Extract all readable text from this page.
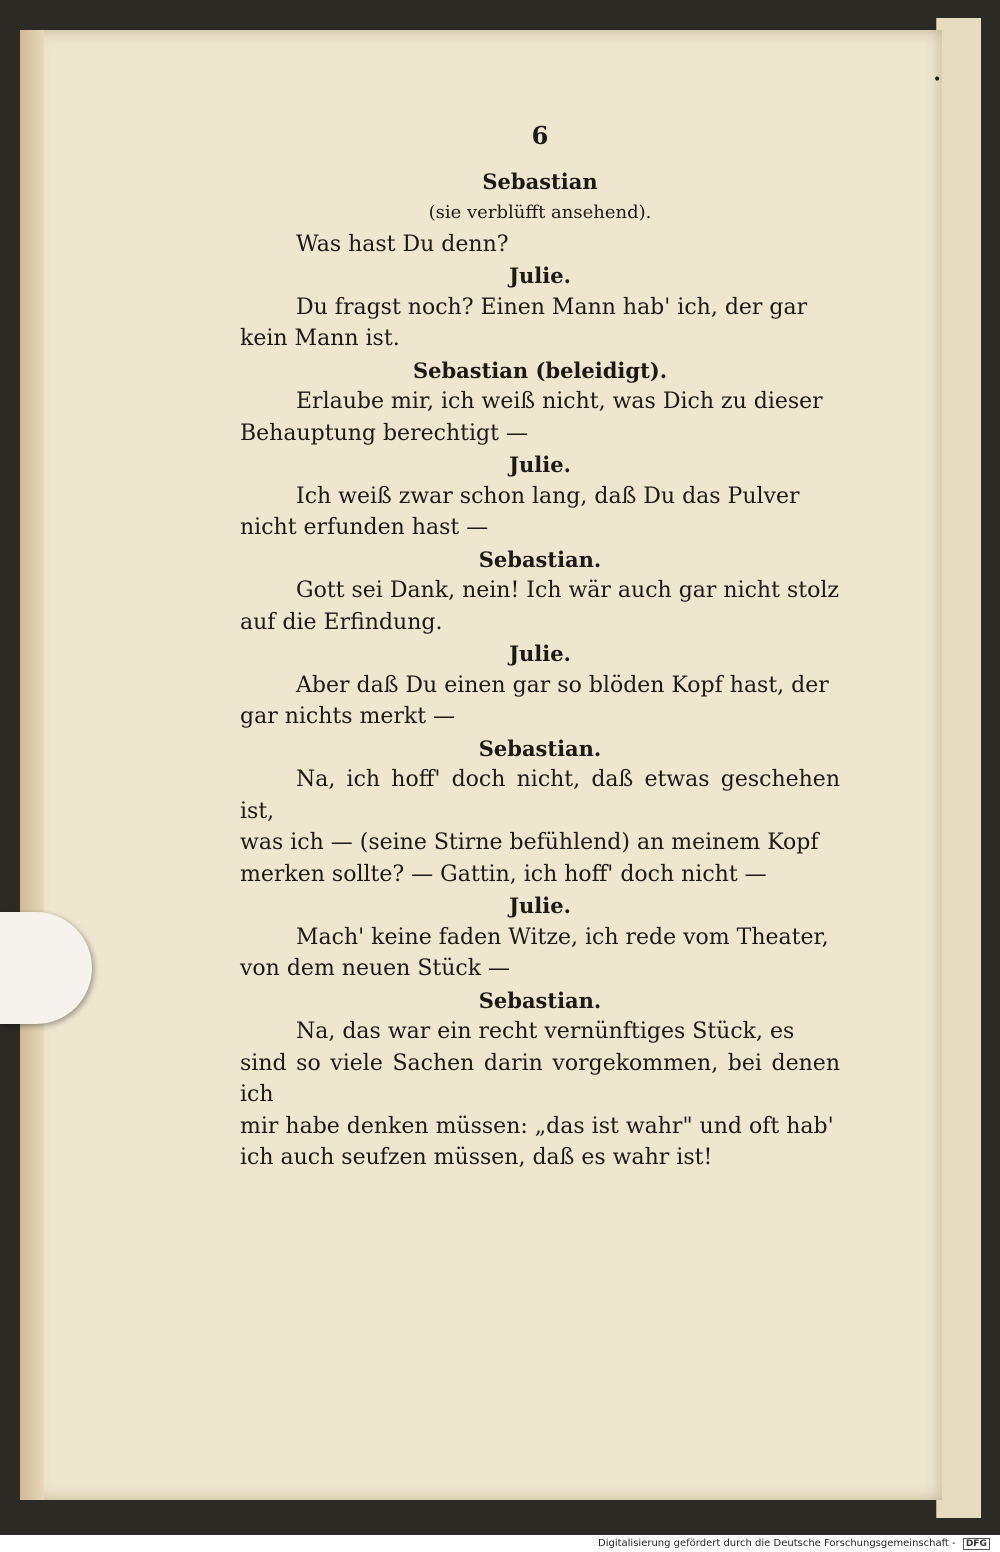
•
6
Sebastian
(sie verblüfft ansehend).
Was hast Du denn?
Julie.
Du fragst noch? Einen Mann hab' ich, der gar
kein Mann ist.
Sebastian (beleidigt).
Erlaube mir, ich weiß nicht, was Dich zu dieser
Behauptung berechtigt —
Julie.
Ich weiß zwar schon lang, daß Du das Pulver
nicht erfunden hast —
Sebastian.
Gott sei Dank, nein! Ich wär auch gar nicht stolz
auf die Erfindung.
Julie.
Aber daß Du einen gar so blöden Kopf hast, der
gar nichts merkt —
Sebastian.
Na, ich hoff' doch nicht, daß etwas geschehen ist,
was ich — (seine Stirne befühlend) an meinem Kopf
merken sollte? — Gattin, ich hoff' doch nicht —
Julie.
Mach' keine faden Witze, ich rede vom Theater,
von dem neuen Stück —
Sebastian.
Na, das war ein recht vernünftiges Stück, es
sind so viele Sachen darin vorgekommen, bei denen ich
mir habe denken müssen: „das ist wahr" und oft hab'
ich auch seufzen müssen, daß es wahr ist!
Digitalisierung gefördert durch die Deutsche Forschungsgemeinschaft - DFG
